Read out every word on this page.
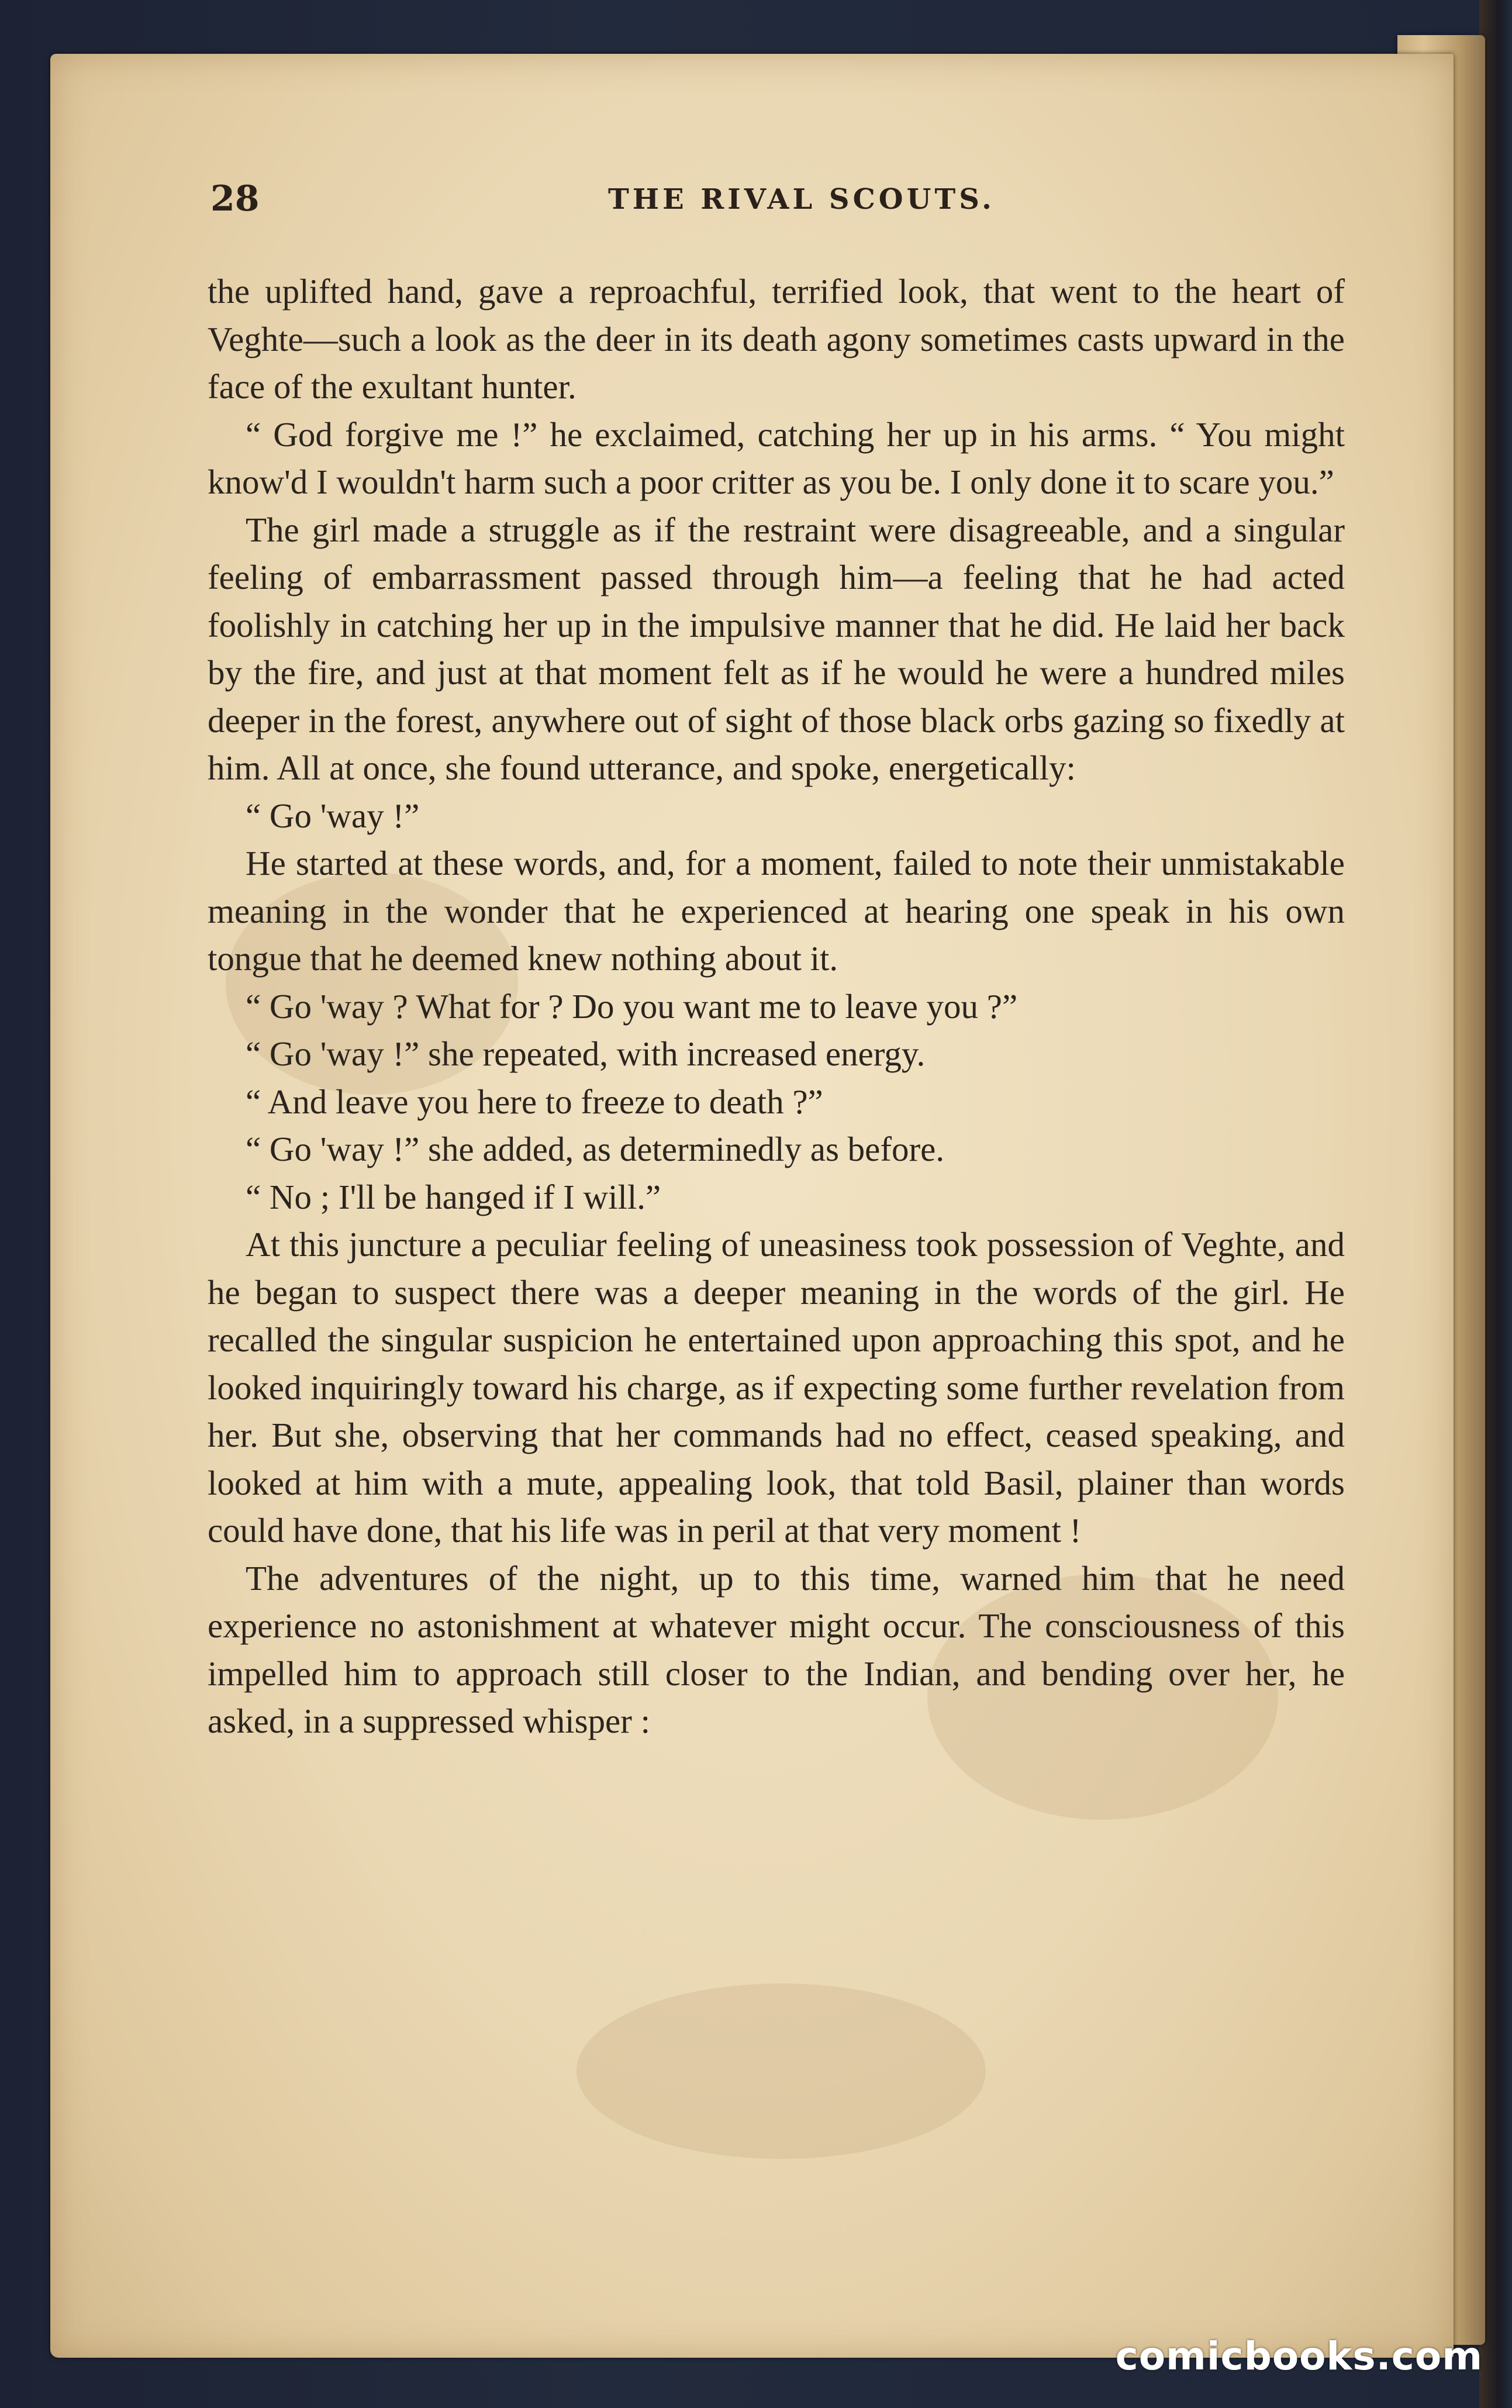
28	THE RIVAL SCOUTS.

the uplifted hand, gave a reproachful, terrified look, that went to the heart of Veghte—such a look as the deer in its death agony sometimes casts upward in the face of the exultant hunter.

“ God forgive me !” he exclaimed, catching her up in his arms. “ You might know'd I wouldn't harm such a poor critter as you be. I only done it to scare you.”

The girl made a struggle as if the restraint were disagreeable, and a singular feeling of embarrassment passed through him—a feeling that he had acted foolishly in catching her up in the impulsive manner that he did. He laid her back by the fire, and just at that moment felt as if he would he were a hundred miles deeper in the forest, anywhere out of sight of those black orbs gazing so fixedly at him. All at once, she found utterance, and spoke, energetically:

“ Go 'way !”

He started at these words, and, for a moment, failed to note their unmistakable meaning in the wonder that he experienced at hearing one speak in his own tongue that he deemed knew nothing about it.

“ Go 'way ? What for ? Do you want me to leave you ?”

“ Go 'way !” she repeated, with increased energy.

“ And leave you here to freeze to death ?”

“ Go 'way !” she added, as determinedly as before.

“ No ; I'll be hanged if I will.”

At this juncture a peculiar feeling of uneasiness took possession of Veghte, and he began to suspect there was a deeper meaning in the words of the girl. He recalled the singular suspicion he entertained upon approaching this spot, and he looked inquiringly toward his charge, as if expecting some further revelation from her. But she, observing that her commands had no effect, ceased speaking, and looked at him with a mute, appealing look, that told Basil, plainer than words could have done, that his life was in peril at that very moment !

The adventures of the night, up to this time, warned him that he need experience no astonishment at whatever might occur. The consciousness of this impelled him to approach still closer to the Indian, and bending over her, he asked, in a suppressed whisper :

comicbooks.com
